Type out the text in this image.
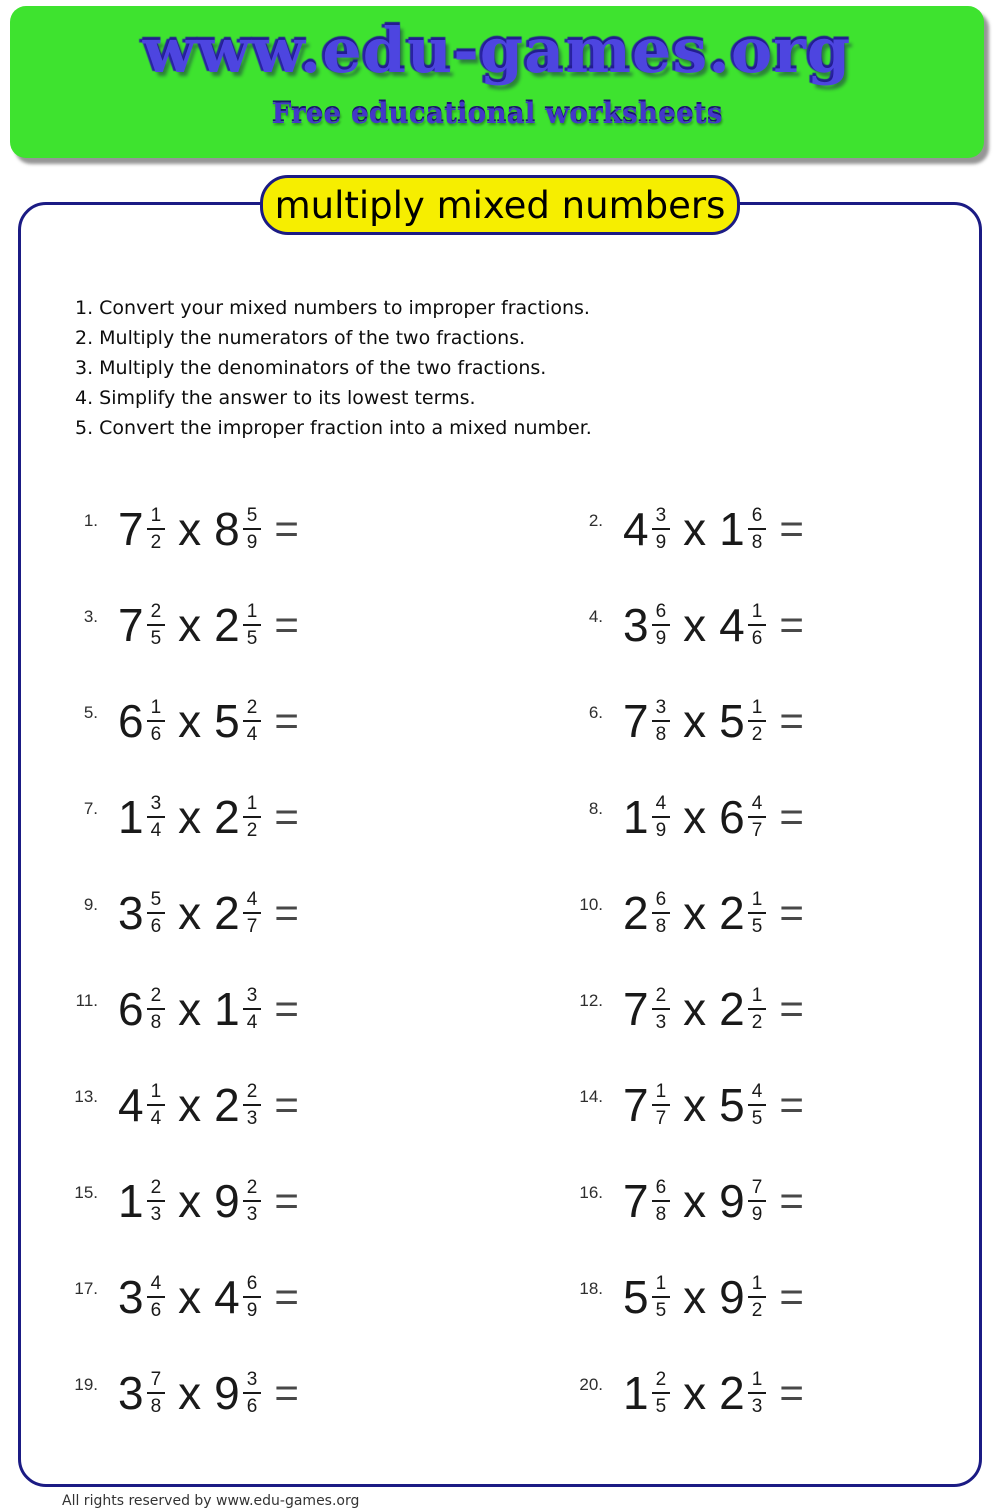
www.edu-games.org
Free educational worksheets
multiply mixed numbers
1. Convert your mixed numbers to improper fractions.
2. Multiply the numerators of the two fractions.
3. Multiply the denominators of the two fractions.
4. Simplify the answer to its lowest terms.
5. Convert the improper fraction into a mixed number.
1. $7 \frac{1}{2}$ x $8 \frac{5}{9}$ =	2. $4 \frac{3}{9}$ x $1 \frac{6}{8}$ =
3. $7 \frac{2}{5}$ x $2 \frac{1}{5}$ =	4. $3 \frac{6}{9}$ x $4 \frac{1}{6}$ =
5. $6 \frac{1}{6}$ x $5 \frac{2}{4}$ =	6. $7 \frac{3}{8}$ x $5 \frac{1}{2}$ =
7. $1 \frac{3}{4}$ x $2 \frac{1}{2}$ =	8. $1 \frac{4}{9}$ x $6 \frac{4}{7}$ =
9. $3 \frac{5}{6}$ x $2 \frac{4}{7}$ =	10. $2 \frac{6}{8}$ x $2 \frac{1}{5}$ =
11. $6 \frac{2}{8}$ x $1 \frac{3}{4}$ =	12. $7 \frac{2}{3}$ x $2 \frac{1}{2}$ =
13. $4 \frac{1}{4}$ x $2 \frac{2}{3}$ =	14. $7 \frac{1}{7}$ x $5 \frac{4}{5}$ =
15. $1 \frac{2}{3}$ x $9 \frac{2}{3}$ =	16. $7 \frac{6}{8}$ x $9 \frac{7}{9}$ =
17. $3 \frac{4}{6}$ x $4 \frac{6}{9}$ =	18. $5 \frac{1}{5}$ x $9 \frac{1}{2}$ =
19. $3 \frac{7}{8}$ x $9 \frac{3}{6}$ =	20. $1 \frac{2}{5}$ x $2 \frac{1}{3}$ =
All rights reserved by www.edu-games.org
